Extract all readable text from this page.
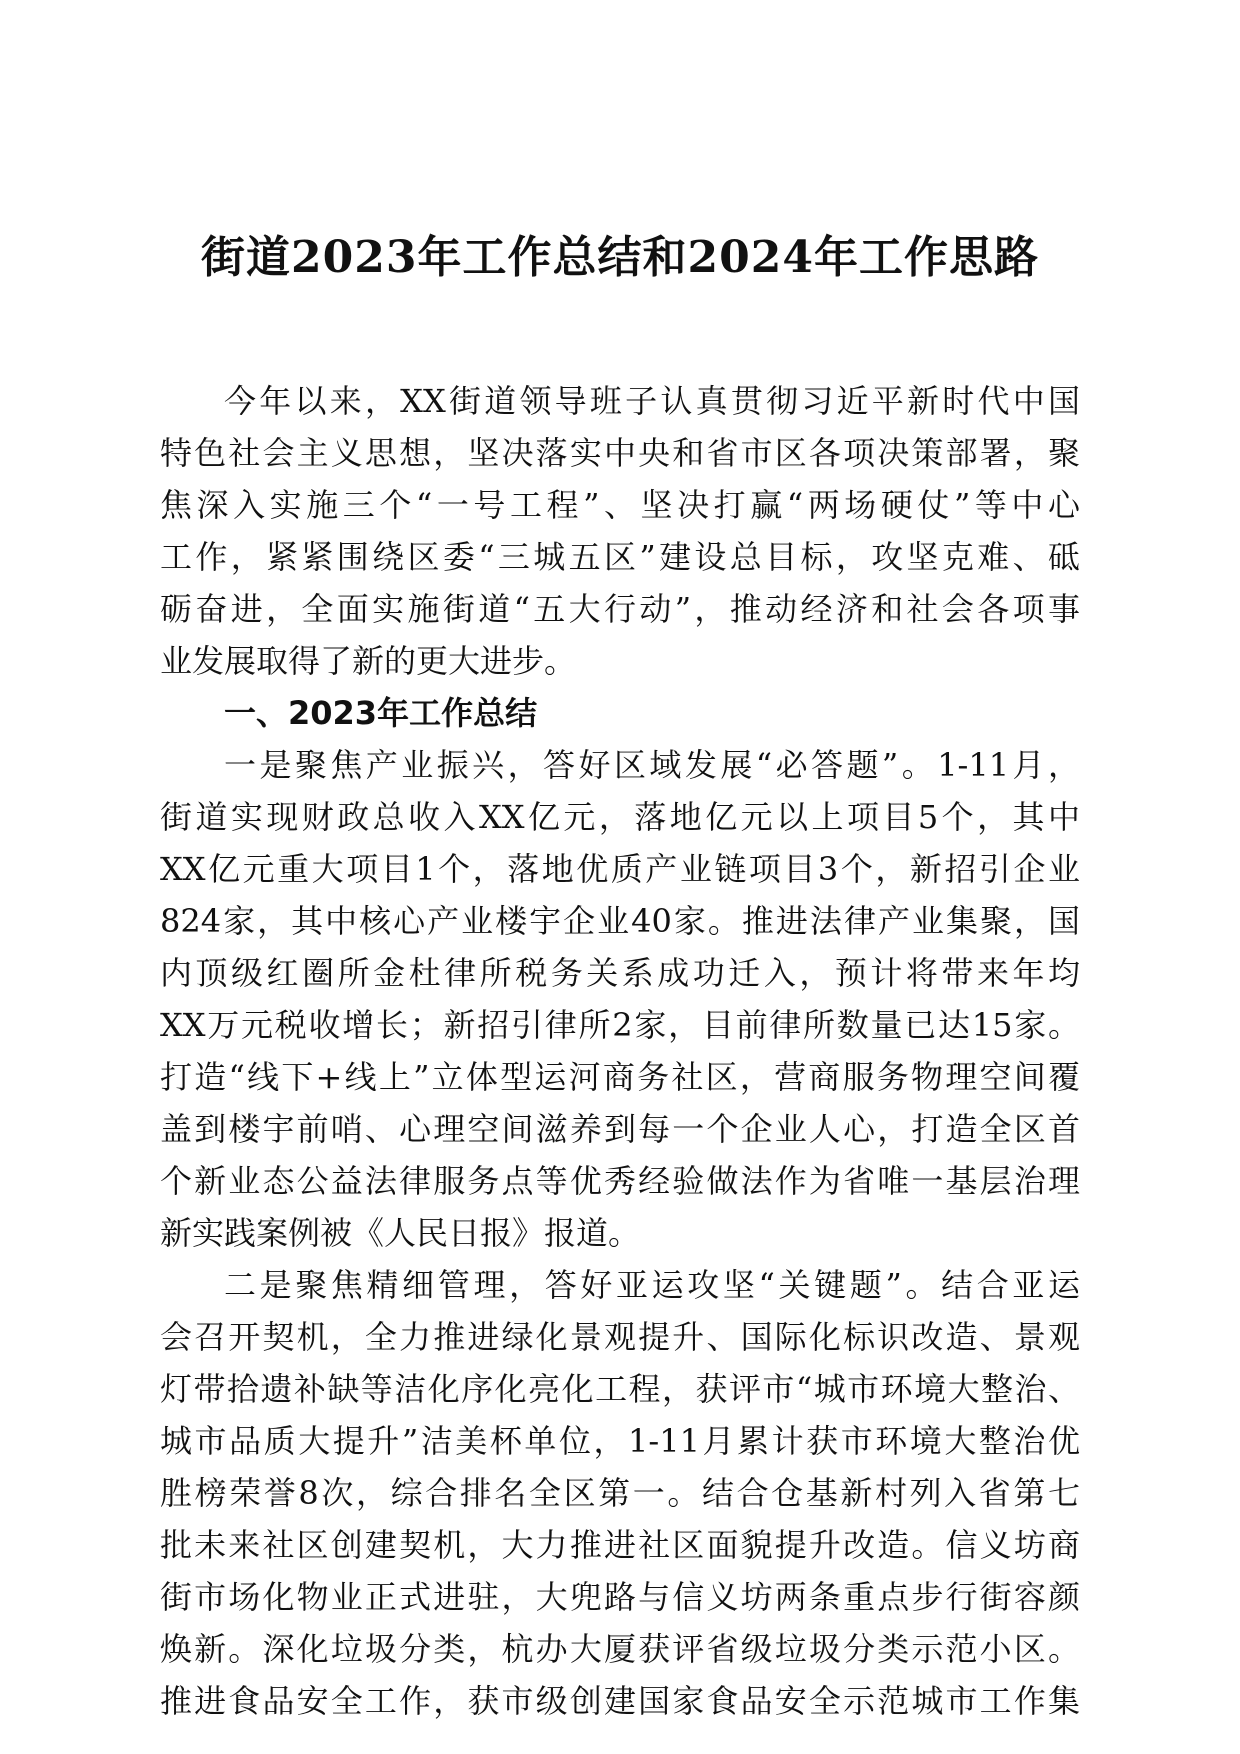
街道2023年工作总结和2024年工作思路
今年以来，XX街道领导班子认真贯彻习近平新时代中国
特色社会主义思想，坚决落实中央和省市区各项决策部署，聚
焦深入实施三个“一号工程”、坚决打赢“两场硬仗”等中心
工作，紧紧围绕区委“三城五区”建设总目标，攻坚克难、砥
砺奋进，全面实施街道“五大行动”，推动经济和社会各项事
业发展取得了新的更大进步。
一、2023年工作总结
一是聚焦产业振兴，答好区域发展“必答题”。1-11月，
街道实现财政总收入XX亿元，落地亿元以上项目5个，其中
XX亿元重大项目1个，落地优质产业链项目3个，新招引企业
824家，其中核心产业楼宇企业40家。推进法律产业集聚，国
内顶级红圈所金杜律所税务关系成功迁入，预计将带来年均
XX万元税收增长；新招引律所2家，目前律所数量已达15家。
打造“线下+线上”立体型运河商务社区，营商服务物理空间覆
盖到楼宇前哨、心理空间滋养到每一个企业人心，打造全区首
个新业态公益法律服务点等优秀经验做法作为省唯一基层治理
新实践案例被《人民日报》报道。
二是聚焦精细管理，答好亚运攻坚“关键题”。结合亚运
会召开契机，全力推进绿化景观提升、国际化标识改造、景观
灯带拾遗补缺等洁化序化亮化工程，获评市“城市环境大整治、
城市品质大提升”洁美杯单位，1-11月累计获市环境大整治优
胜榜荣誉8次，综合排名全区第一。结合仓基新村列入省第七
批未来社区创建契机，大力推进社区面貌提升改造。信义坊商
街市场化物业正式进驻，大兜路与信义坊两条重点步行街容颜
焕新。深化垃圾分类，杭办大厦获评省级垃圾分类示范小区。
推进食品安全工作，获市级创建国家食品安全示范城市工作集
